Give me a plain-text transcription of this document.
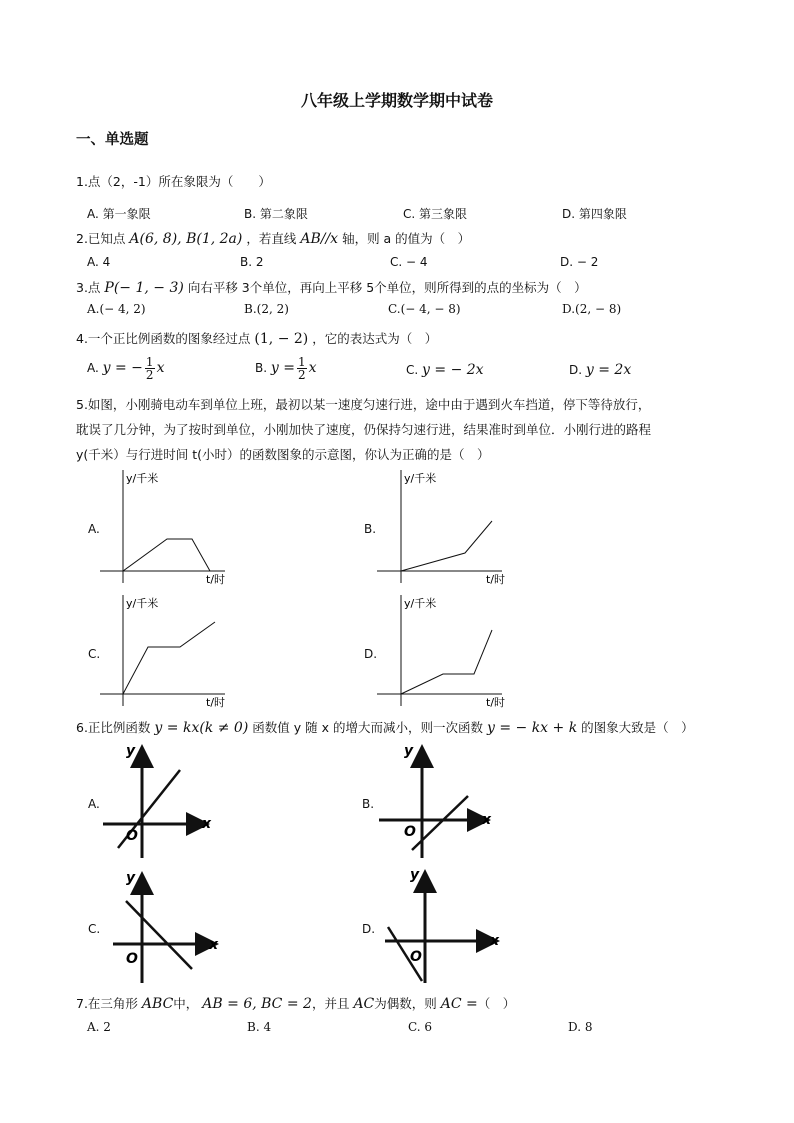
八年级上学期数学期中试卷
一、单选题
1.点（2，-1）所在象限为（　　）
A. 第一象限	B. 第二象限	C. 第三象限	D. 第四象限
2.已知点 A(6, 8), B(1, 2a) ，若直线 AB//x 轴，则 a 的值为（　）
A. 4	B. 2	C. − 4	D. − 2
3.点 P(− 1, − 3) 向右平移 3个单位，再向上平移 5个单位，则所得到的点的坐标为（　）
A.(− 4, 2)	B.(2, 2)	C.(− 4, − 8)	D.(2, − 8)
4.一个正比例函数的图象经过点 (1, − 2) ，它的表达式为（　）
A. y = − $\frac{1}{2}$ x	B. $y = \frac{1}{2}$ x	C. y = − 2x	D. y = 2x
5.如图，小刚骑电动车到单位上班，最初以某一速度匀速行进，途中由于遇到火车挡道，停下等待放行，
耽误了几分钟，为了按时到单位，小刚加快了速度，仍保持匀速行进，结果准时到单位．小刚行进的路程
y(千米）与行进时间 t(小时）的函数图象的示意图，你认为正确的是（　）
A.	B.
C.	D.
y/千米
t/时
y/千米
t/时
y/千米
t/时
y/千米
t/时
6.正比例函数 y = kx(k ≠ 0) 函数值 y 随 x 的增大而减小，则一次函数 y = − kx + k 的图象大致是（　）
A.	B.
C.	D.
y
x
O
y
x
O
y
x
O
y
x
O
7.在三角形 ABC中， AB = 6, BC = 2，并且 AC为偶数，则 AC =（　）
A. 2	B. 4	C. 6	D. 8
